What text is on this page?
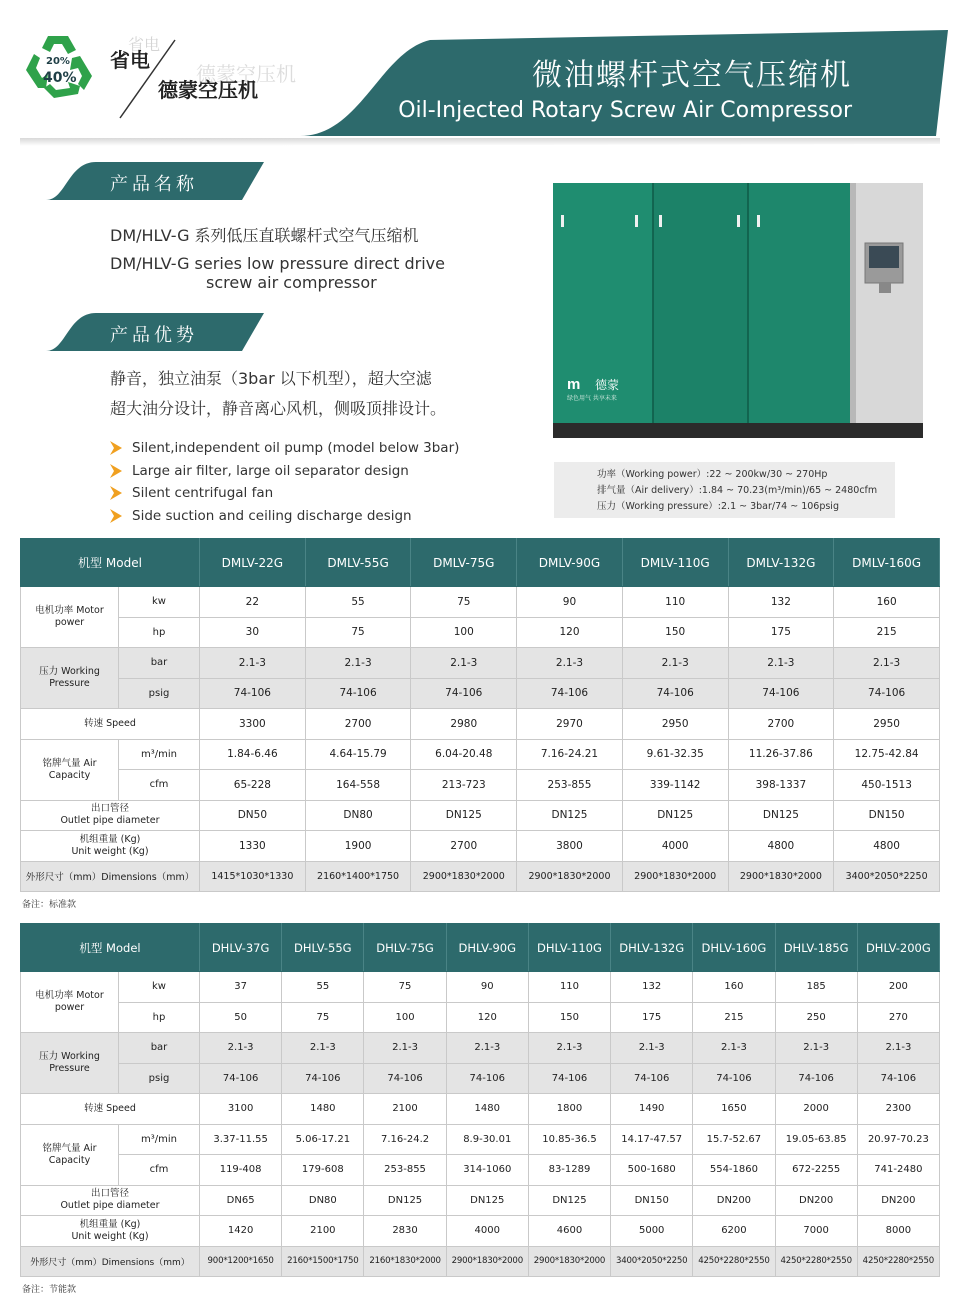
20%
40%
省电
德蒙空压机
省电
德蒙空压机	微油螺杆式空气压缩机
Oil-Injected Rotary Screw Air Compressor
产品名称
DM/HLV-G 系列低压直联螺杆式空气压缩机
DM/HLV-G series low pressure direct drive
screw air compressor
产品优势
静音，独立油泵（3bar 以下机型），超大空滤
超大油分设计，静音离心风机，侧吸顶排设计。
Silent,independent oil pump (model below 3bar)
Large air filter, large oil separator design
Silent centrifugal fan
Side suction and ceiling discharge design
m 德蒙
绿色用气 共享未来
功率（Working power）:22 ~ 200kw/30 ~ 270Hp
排气量（Air delivery）:1.84 ~ 70.23(m³/min)/65 ~ 2480cfm
压力（Working pressure）:2.1 ~ 3bar/74 ~ 106psig
机型 Model		DMLV-22G	DMLV-55G	DMLV-75G	DMLV-90G	DMLV-110G	DMLV-132G	DMLV-160G
电机功率 Motor power	kw	22	55	75	90	110	132	160
	hp	30	75	100	120	150	175	215
压力 Working Pressure	bar	2.1-3	2.1-3	2.1-3	2.1-3	2.1-3	2.1-3	2.1-3
	psig	74-106	74-106	74-106	74-106	74-106	74-106	74-106
转速 Speed		3300	2700	2980	2970	2950	2700	2950
铭牌气量 Air Capacity	m³/min	1.84-6.46	4.64-15.79	6.04-20.48	7.16-24.21	9.61-32.35	11.26-37.86	12.75-42.84
	cfm	65-228	164-558	213-723	253-855	339-1142	398-1337	450-1513
出口管径
Outlet pipe diameter		DN50	DN80	DN125	DN125	DN125	DN125	DN150
机组重量 (Kg)
Unit weight (Kg)		1330	1900	2700	3800	4000	4800	4800
外形尺寸（mm）Dimensions（mm）		1415*1030*1330	2160*1400*1750	2900*1830*2000	2900*1830*2000	2900*1830*2000	2900*1830*2000	3400*2050*2250
备注：标准款
机型 Model		DHLV-37G	DHLV-55G	DHLV-75G	DHLV-90G	DHLV-110G	DHLV-132G	DHLV-160G	DHLV-185G	DHLV-200G
电机功率 Motor power	kw	37	55	75	90	110	132	160	185	200
	hp	50	75	100	120	150	175	215	250	270
压力 Working Pressure	bar	2.1-3	2.1-3	2.1-3	2.1-3	2.1-3	2.1-3	2.1-3	2.1-3	2.1-3
	psig	74-106	74-106	74-106	74-106	74-106	74-106	74-106	74-106	74-106
转速 Speed		3100	1480	2100	1480	1800	1490	1650	2000	2300
铭牌气量 Air Capacity	m³/min	3.37-11.55	5.06-17.21	7.16-24.2	8.9-30.01	10.85-36.5	14.17-47.57	15.7-52.67	19.05-63.85	20.97-70.23
	cfm	119-408	179-608	253-855	314-1060	83-1289	500-1680	554-1860	672-2255	741-2480
出口管径
Outlet pipe diameter		DN65	DN80	DN125	DN125	DN125	DN150	DN200	DN200	DN200
机组重量 (Kg)
Unit weight (Kg)		1420	2100	2830	4000	4600	5000	6200	7000	8000
外形尺寸（mm）Dimensions（mm）		900*1200*1650	2160*1500*1750	2160*1830*2000	2900*1830*2000	2900*1830*2000	3400*2050*2250	4250*2280*2550	4250*2280*2550	4250*2280*2550
备注：节能款
